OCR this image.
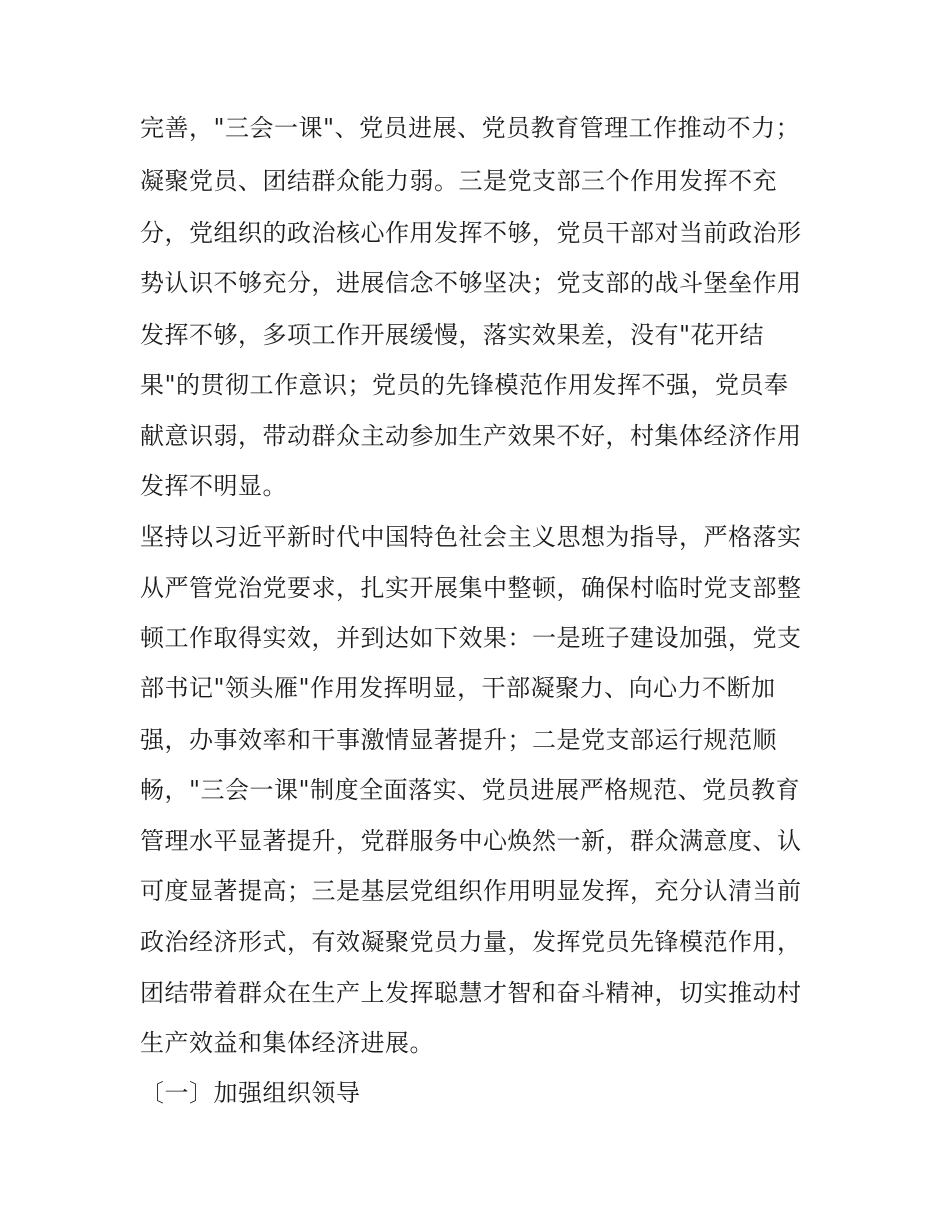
完善，"三会一课"、党员进展、党员教育管理工作推动不力；
凝聚党员、团结群众能力弱。三是党支部三个作用发挥不充
分，党组织的政治核心作用发挥不够，党员干部对当前政治形
势认识不够充分，进展信念不够坚决；党支部的战斗堡垒作用
发挥不够，多项工作开展缓慢，落实效果差，没有"花开结
果"的贯彻工作意识；党员的先锋模范作用发挥不强，党员奉
献意识弱，带动群众主动参加生产效果不好，村集体经济作用
发挥不明显。
坚持以习近平新时代中国特色社会主义思想为指导，严格落实
从严管党治党要求，扎实开展集中整顿，确保村临时党支部整
顿工作取得实效，并到达如下效果：一是班子建设加强，党支
部书记"领头雁"作用发挥明显，干部凝聚力、向心力不断加
强，办事效率和干事激情显著提升；二是党支部运行规范顺
畅，"三会一课"制度全面落实、党员进展严格规范、党员教育
管理水平显著提升，党群服务中心焕然一新，群众满意度、认
可度显著提高；三是基层党组织作用明显发挥，充分认清当前
政治经济形式，有效凝聚党员力量，发挥党员先锋模范作用，
团结带着群众在生产上发挥聪慧才智和奋斗精神，切实推动村
生产效益和集体经济进展。
〔一〕加强组织领导
